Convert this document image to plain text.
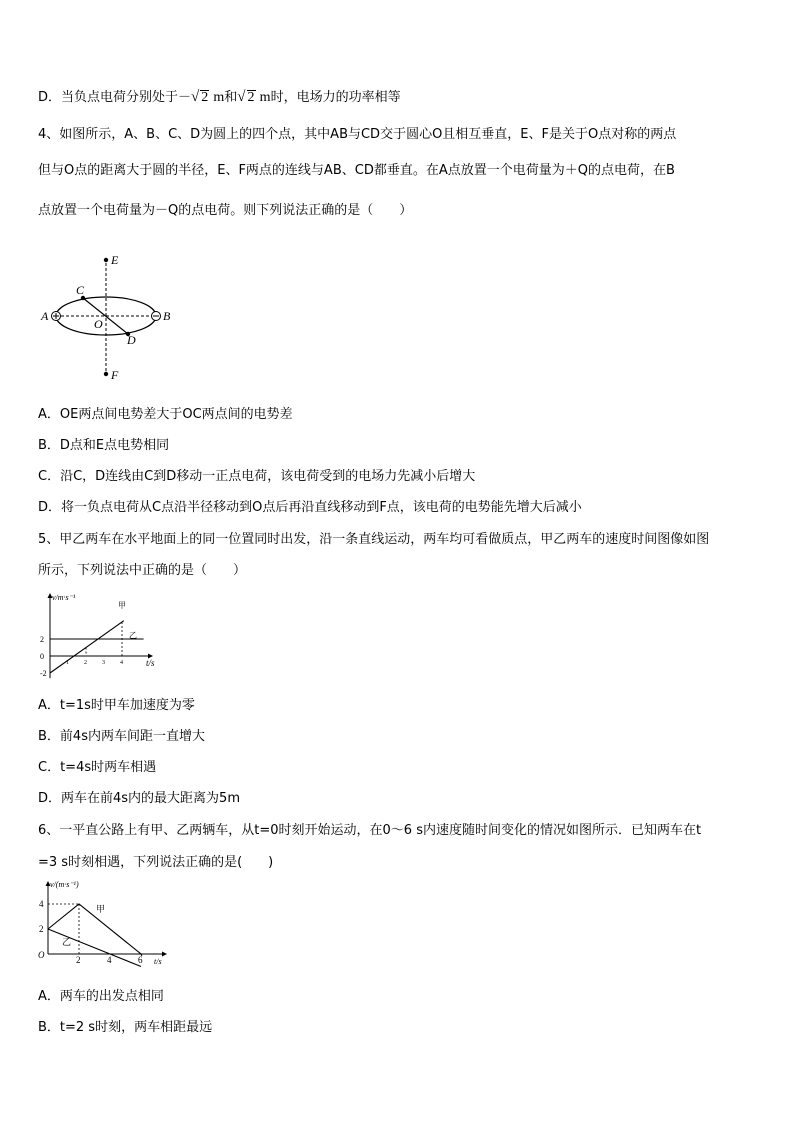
D．当负点电荷分别处于－√ 2 m和√ 2 m时，电场力的功率相等
4、如图所示，A、B、C、D为圆上的四个点，其中AB与CD交于圆心O且相互垂直，E、F是关于O点对称的两点
但与O点的距离大于圆的半径，E、F两点的连线与AB、CD都垂直。在A点放置一个电荷量为＋Q的点电荷，在B
点放置一个电荷量为－Q的点电荷。则下列说法正确的是（　　）
E
F
A	B
C
D
O
A．OE两点间电势差大于OC两点间的电势差
B．D点和E点电势相同
C．沿C，D连线由C到D移动一正点电荷，该电荷受到的电场力先减小后增大
D．将一负点电荷从C点沿半径移动到O点后再沿直线移动到F点，该电荷的电势能先增大后减小
5、甲乙两车在水平地面上的同一位置同时出发，沿一条直线运动，两车均可看做质点，甲乙两车的速度时间图像如图
所示，下列说法中正确的是（　　）
v/m·s⁻¹
t/s
甲
乙
2
0
-2
1	2	3	4
A．t=1s时甲车加速度为零
B．前4s内两车间距一直增大
C．t=4s时两车相遇
D．两车在前4s内的最大距离为5m
6、一平直公路上有甲、乙两辆车，从t=0时刻开始运动，在0～6 s内速度随时间变化的情况如图所示．已知两车在t
=3 s时刻相遇，下列说法正确的是(　　)
v/(m·s⁻¹)
t/s
O
甲
乙
4
2
2	4	6
A．两车的出发点相同
B．t=2 s时刻，两车相距最远
